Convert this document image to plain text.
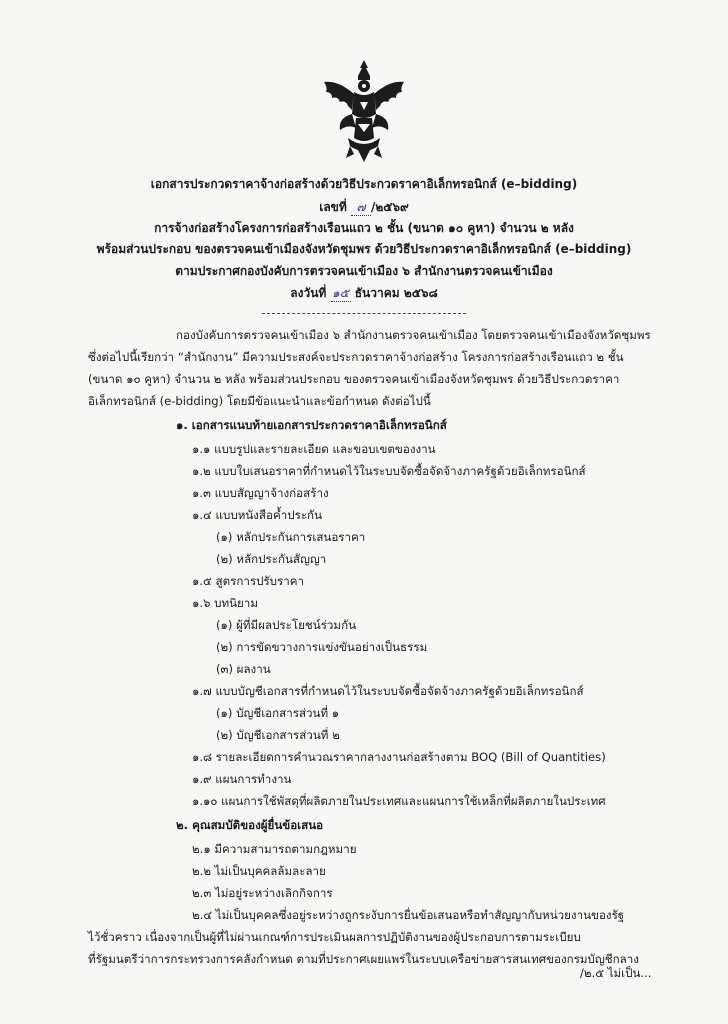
เอกสารประกวดราคาจ้างก่อสร้างด้วยวิธีประกวดราคาอิเล็กทรอนิกส์ (e–bidding)
เลขที่ ๗ /๒๕๖๙
การจ้างก่อสร้างโครงการก่อสร้างเรือนแถว ๒ ชั้น (ขนาด ๑๐ คูหา) จำนวน ๒ หลัง
พร้อมส่วนประกอบ ของตรวจคนเข้าเมืองจังหวัดชุมพร ด้วยวิธีประกวดราคาอิเล็กทรอนิกส์ (e–bidding)
ตามประกาศกองบังคับการตรวจคนเข้าเมือง ๖ สำนักงานตรวจคนเข้าเมือง
ลงวันที่ ๑๕ ธันวาคม ๒๕๖๘
กองบังคับการตรวจคนเข้าเมือง ๖ สำนักงานตรวจคนเข้าเมือง โดยตรวจคนเข้าเมืองจังหวัดชุมพร
ซึ่งต่อไปนี้เรียกว่า “สำนักงาน” มีความประสงค์จะประกวดราคาจ้างก่อสร้าง โครงการก่อสร้างเรือนแถว ๒ ชั้น
(ขนาด ๑๐ คูหา) จำนวน ๒ หลัง พร้อมส่วนประกอบ ของตรวจคนเข้าเมืองจังหวัดชุมพร ด้วยวิธีประกวดราคา
อิเล็กทรอนิกส์ (e-bidding) โดยมีข้อแนะนำและข้อกำหนด ดังต่อไปนี้
๑. เอกสารแนบท้ายเอกสารประกวดราคาอิเล็กทรอนิกส์
๑.๑ แบบรูปและรายละเอียด และขอบเขตของงาน
๑.๒ แบบใบเสนอราคาที่กำหนดไว้ในระบบจัดซื้อจัดจ้างภาครัฐด้วยอิเล็กทรอนิกส์
๑.๓ แบบสัญญาจ้างก่อสร้าง
๑.๔ แบบหนังสือค้ำประกัน
(๑) หลักประกันการเสนอราคา
(๒) หลักประกันสัญญา
๑.๕ สูตรการปรับราคา
๑.๖ บทนิยาม
(๑) ผู้ที่มีผลประโยชน์ร่วมกัน
(๒) การขัดขวางการแข่งขันอย่างเป็นธรรม
(๓) ผลงาน
๑.๗ แบบบัญชีเอกสารที่กำหนดไว้ในระบบจัดซื้อจัดจ้างภาครัฐด้วยอิเล็กทรอนิกส์
(๑) บัญชีเอกสารส่วนที่ ๑
(๒) บัญชีเอกสารส่วนที่ ๒
๑.๘ รายละเอียดการคำนวณราคากลางงานก่อสร้างตาม BOQ (Bill of Quantities)
๑.๙ แผนการทำงาน
๑.๑๐ แผนการใช้พัสดุที่ผลิตภายในประเทศและแผนการใช้เหล็กที่ผลิตภายในประเทศ
๒. คุณสมบัติของผู้ยื่นข้อเสนอ
๒.๑ มีความสามารถตามกฎหมาย
๒.๒ ไม่เป็นบุคคลล้มละลาย
๒.๓ ไม่อยู่ระหว่างเลิกกิจการ
๒.๔ ไม่เป็นบุคคลซึ่งอยู่ระหว่างถูกระงับการยื่นข้อเสนอหรือทำสัญญากับหน่วยงานของรัฐ
ไว้ชั่วคราว เนื่องจากเป็นผู้ที่ไม่ผ่านเกณฑ์การประเมินผลการปฏิบัติงานของผู้ประกอบการตามระเบียบ
ที่รัฐมนตรีว่าการกระทรวงการคลังกำหนด ตามที่ประกาศเผยแพร่ในระบบเครือข่ายสารสนเทศของกรมบัญชีกลาง
/๒.๕ ไม่เป็น...
